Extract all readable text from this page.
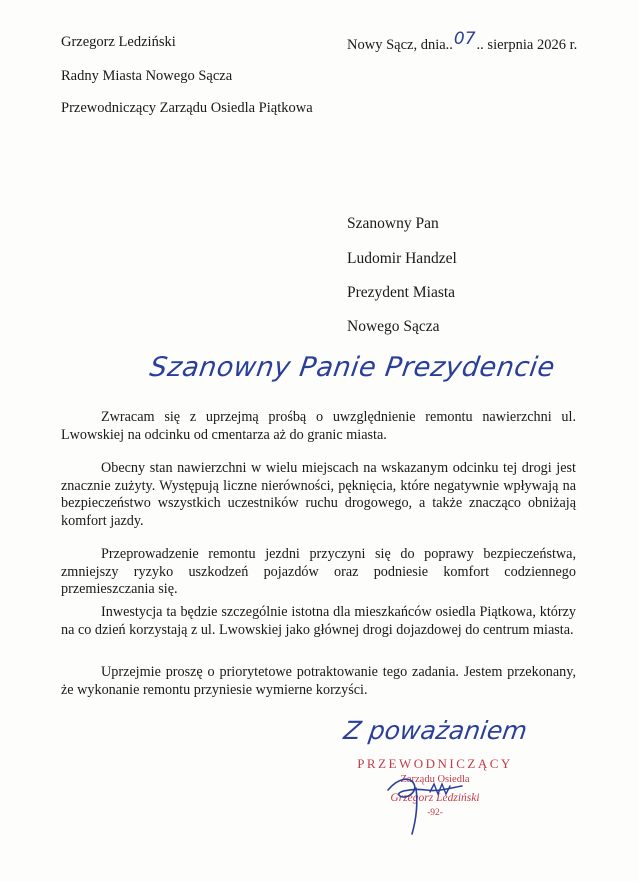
Grzegorz Ledziński
Radny Miasta Nowego Sącza
Przewodniczący Zarządu Osiedla Piątkowa
Nowy Sącz, dnia..07.. sierpnia 2026 r.
Szanowny Pan
Ludomir Handzel
Prezydent Miasta
Nowego Sącza
Szanowny Panie Prezydencie
Zwracam się z uprzejmą prośbą o uwzględnienie remontu nawierzchni ul. Lwowskiej na odcinku od cmentarza aż do granic miasta.
Obecny stan nawierzchni w wielu miejscach na wskazanym odcinku tej drogi jest znacznie zużyty. Występują liczne nierówności, pęknięcia, które negatywnie wpływają na bezpieczeństwo wszystkich uczestników ruchu drogowego, a także znacząco obniżają komfort jazdy.
Przeprowadzenie remontu jezdni przyczyni się do poprawy bezpieczeństwa, zmniejszy ryzyko uszkodzeń pojazdów oraz podniesie komfort codziennego przemieszczania się.
Inwestycja ta będzie szczególnie istotna dla mieszkańców osiedla Piątkowa, którzy na co dzień korzystają z ul. Lwowskiej jako głównej drogi dojazdowej do centrum miasta.
Uprzejmie proszę o priorytetowe potraktowanie tego zadania. Jestem przekonany, że wykonanie remontu przyniesie wymierne korzyści.
Z poważaniem
PRZEWODNICZĄCY
Zarządu Osiedla
Grzegorz Ledziński
-92-
